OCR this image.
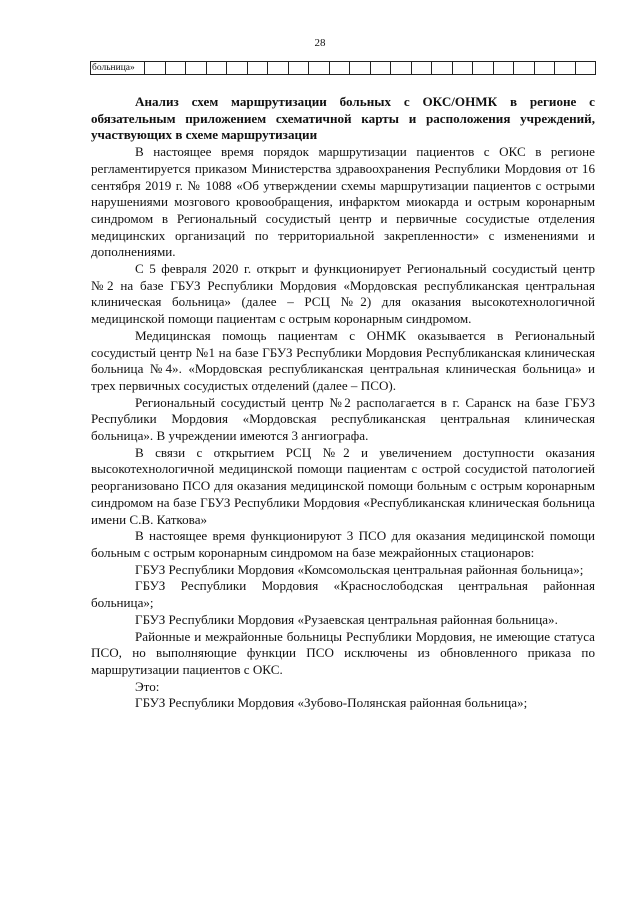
28
больница»																						

Анализ схем маршрутизации больных с ОКС/ОНМК в регионе с обязательным приложением схематичной карты и расположения учреждений, участвующих в схеме маршрутизации

В настоящее время порядок маршрутизации пациентов с ОКС в регионе регламентируется приказом Министерства здравоохранения Республики Мордовия от 16 сентября 2019 г. № 1088 «Об утверждении схемы маршрутизации пациентов с острыми нарушениями мозгового кровообращения, инфарктом миокарда и острым коронарным синдромом в Региональный сосудистый центр и первичные сосудистые отделения медицинских организаций по территориальной закрепленности» с изменениями и дополнениями.

С 5 февраля 2020 г. открыт и функционирует Региональный сосудистый центр №2 на базе ГБУЗ Республики Мордовия «Мордовская республиканская центральная клиническая больница» (далее – РСЦ №2) для оказания высокотехнологичной медицинской помощи пациентам с острым коронарным синдромом.

Медицинская помощь пациентам с ОНМК оказывается в Региональный сосудистый центр №1 на базе ГБУЗ Республики Мордовия Республиканская клиническая больница №4». «Мордовская республиканская центральная клиническая больница» и трех первичных сосудистых отделений (далее – ПСО).

Региональный сосудистый центр №2 располагается в г. Саранск на базе ГБУЗ Республики Мордовия «Мордовская республиканская центральная клиническая больница». В учреждении имеются 3 ангиографа.

В связи с открытием РСЦ №2 и увеличением доступности оказания высокотехнологичной медицинской помощи пациентам с острой сосудистой патологией реорганизовано ПСО для оказания медицинской помощи больным с острым коронарным синдромом на базе ГБУЗ Республики Мордовия «Республиканская клиническая больница имени С.В. Каткова»

В настоящее время функционируют 3 ПСО для оказания медицинской помощи больным с острым коронарным синдромом на базе межрайонных стационаров:

ГБУЗ Республики Мордовия «Комсомольская центральная районная больница»;

ГБУЗ Республики Мордовия «Краснослободская центральная районная больница»;

ГБУЗ Республики Мордовия «Рузаевская центральная районная больница».

Районные и межрайонные больницы Республики Мордовия, не имеющие статуса ПСО, но выполняющие функции ПСО исключены из обновленного приказа по маршрутизации пациентов с ОКС.

Это:

ГБУЗ Республики Мордовия «Зубово-Полянская районная больница»;
